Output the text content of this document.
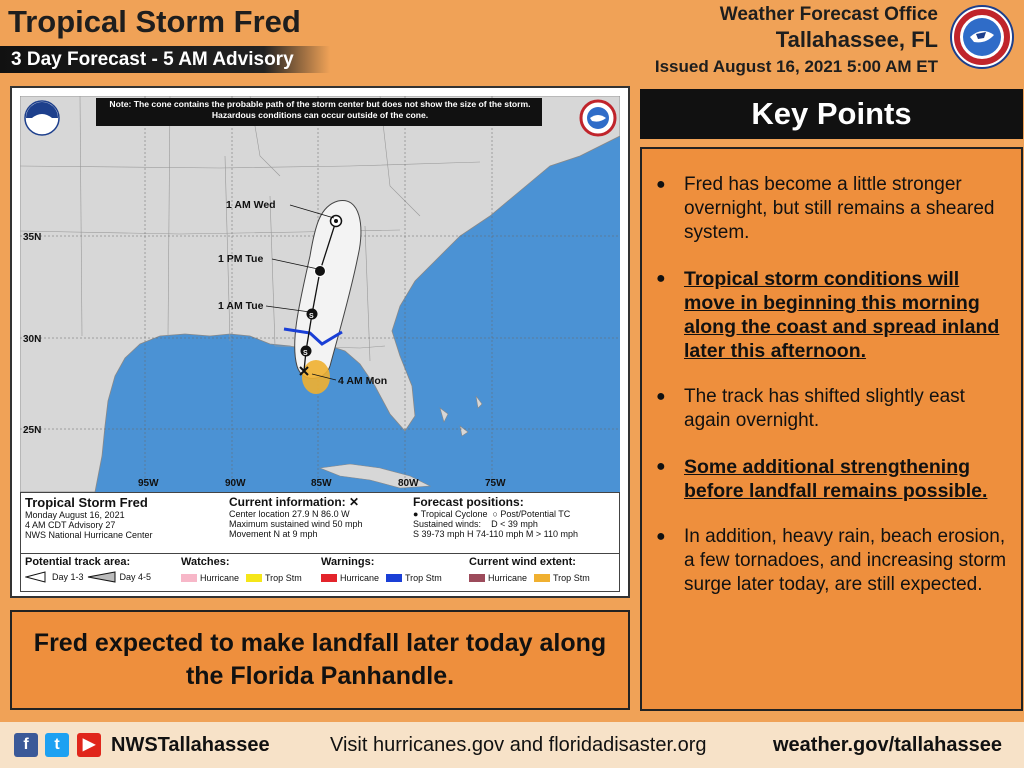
Tropical Storm Fred
3 Day Forecast - 5 AM Advisory
Weather Forecast Office
Tallahassee, FL
Issued August 16, 2021 5:00 AM ET
S
S
1 AM Wed
1 PM Tue
1 AM Tue
4 AM Mon
35N
30N
25N
95W	90W	85W	80W	75W
Note: The cone contains the probable path of the storm center but does not show the size of the storm. Hazardous conditions can occur outside of the cone.
Tropical Storm Fred
Monday August 16, 2021
4 AM CDT Advisory 27
NWS National Hurricane Center
Current information: ✕
Center location 27.9 N 86.0 W
Maximum sustained wind 50 mph
Movement N at 9 mph
Forecast positions:
● Tropical Cyclone  ○ Post/Potential TC
Sustained winds: D < 39 mph
S 39-73 mph H 74-110 mph M > 110 mph
Potential track area:
Day 1-3	Day 4-5
Watches:
Hurricane	Trop Stm
Warnings:
Hurricane	Trop Stm
Current wind extent:
Hurricane	Trop Stm
Fred expected to make landfall later today along the Florida Panhandle.
Key Points
● Fred has become a little stronger overnight, but still remains a sheared system.
● Tropical storm conditions will move in beginning this morning along the coast and spread inland later this afternoon.
● The track has shifted slightly east again overnight.
● Some additional strengthening before landfall remains possible.
● In addition, heavy rain, beach erosion, a few tornadoes, and increasing storm surge later today, are still expected.
f	t	▶ NWSTallahassee	Visit hurricanes.gov and floridadisaster.org	weather.gov/tallahassee
